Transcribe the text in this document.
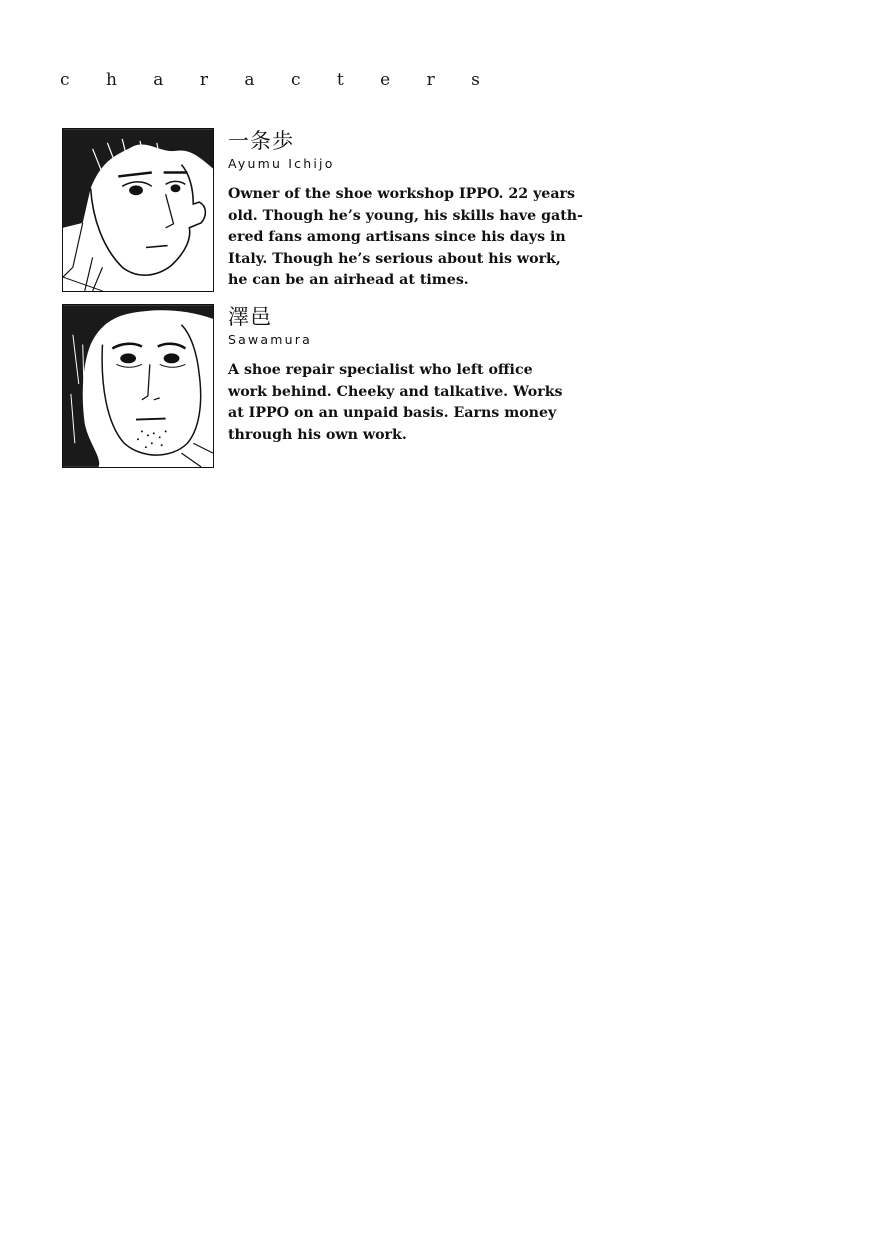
c h a r a c t e r s
一条歩
Ayumu Ichijo
Owner of the shoe workshop IPPO. 22 years
old. Though he’s young, his skills have gath-
ered fans among artisans since his days in
Italy. Though he’s serious about his work,
he can be an airhead at times.
澤邑
Sawamura
A shoe repair specialist who left office
work behind. Cheeky and talkative. Works
at IPPO on an unpaid basis. Earns money
through his own work.
